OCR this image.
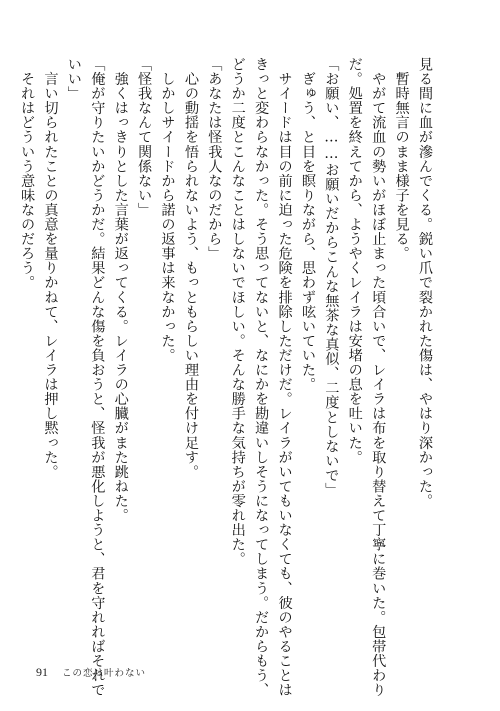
見る間に血が滲んでくる。鋭い爪で裂かれた傷は、やはり深かった。
　暫時無言のまま様子を見る。
　やがて流血の勢いがほぼ止まった頃合いで、レイラは布を取り替えて丁寧に巻いた。包帯代わり
だ。処置を終えてから、ようやくレイラは安堵の息を吐いた。
「お願い、……お願いだからこんな無茶な真似、二度としないで」
　ぎゅう、と目を瞑りながら、思わず呟いていた。
　サイードは目の前に迫った危険を排除しただけだ。レイラがいてもいなくても、彼のやることは
きっと変わらなかった。そう思ってないと、なにかを勘違いしそうになってしまう。だからもう、
どうか二度とこんなことはしないでほしい。そんな勝手な気持ちが零れ出た。
「あなたは怪我人なのだから」
　心の動揺を悟られないよう、もっともらしい理由を付け足す。
　しかしサイードから諾の返事は来なかった。
「怪我なんて関係ない」
　強くはっきりとした言葉が返ってくる。レイラの心臓がまた跳ねた。
「俺が守りたいかどうかだ。結果どんな傷を負おうと、怪我が悪化しようと、君を守れればそれで
いい」
　言い切られたことの真意を量りかねて、レイラは押し黙った。
　それはどういう意味なのだろう。
91 この恋は叶わない
